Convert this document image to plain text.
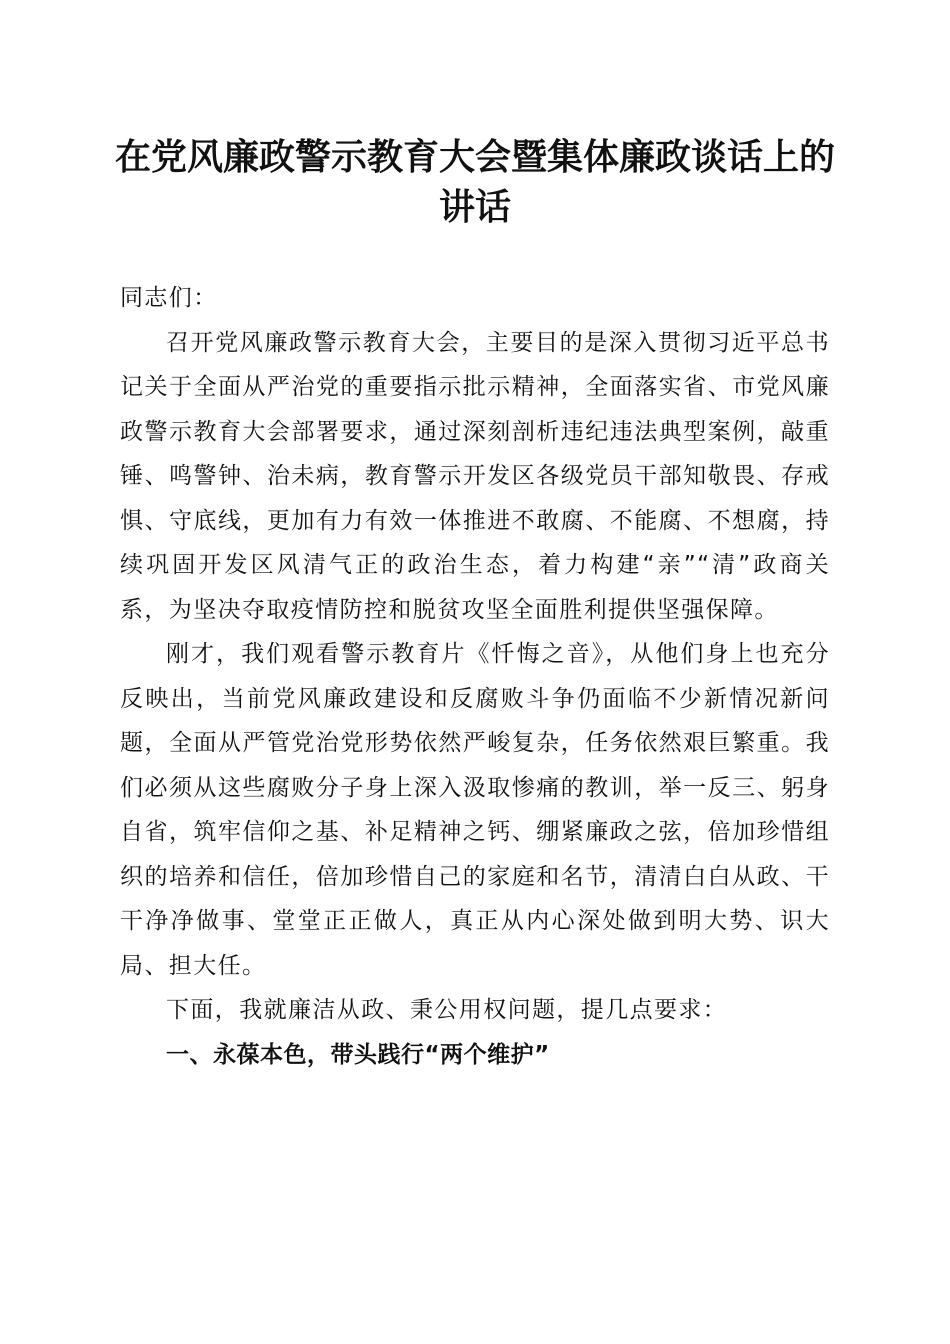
在党风廉政警示教育大会暨集体廉政谈话上的讲话

同志们：

召开党风廉政警示教育大会，主要目的是深入贯彻习近平总书记关于全面从严治党的重要指示批示精神，全面落实省、市党风廉政警示教育大会部署要求，通过深刻剖析违纪违法典型案例，敲重锤、鸣警钟、治未病，教育警示开发区各级党员干部知敬畏、存戒惧、守底线，更加有力有效一体推进不敢腐、不能腐、不想腐，持续巩固开发区风清气正的政治生态，着力构建“亲”“清”政商关系，为坚决夺取疫情防控和脱贫攻坚全面胜利提供坚强保障。

刚才，我们观看警示教育片《忏悔之音》，从他们身上也充分反映出，当前党风廉政建设和反腐败斗争仍面临不少新情况新问题，全面从严管党治党形势依然严峻复杂，任务依然艰巨繁重。我们必须从这些腐败分子身上深入汲取惨痛的教训，举一反三、躬身自省，筑牢信仰之基、补足精神之钙、绷紧廉政之弦，倍加珍惜组织的培养和信任，倍加珍惜自己的家庭和名节，清清白白从政、干干净净做事、堂堂正正做人，真正从内心深处做到明大势、识大局、担大任。

下面，我就廉洁从政、秉公用权问题，提几点要求：

一、永葆本色，带头践行“两个维护”
